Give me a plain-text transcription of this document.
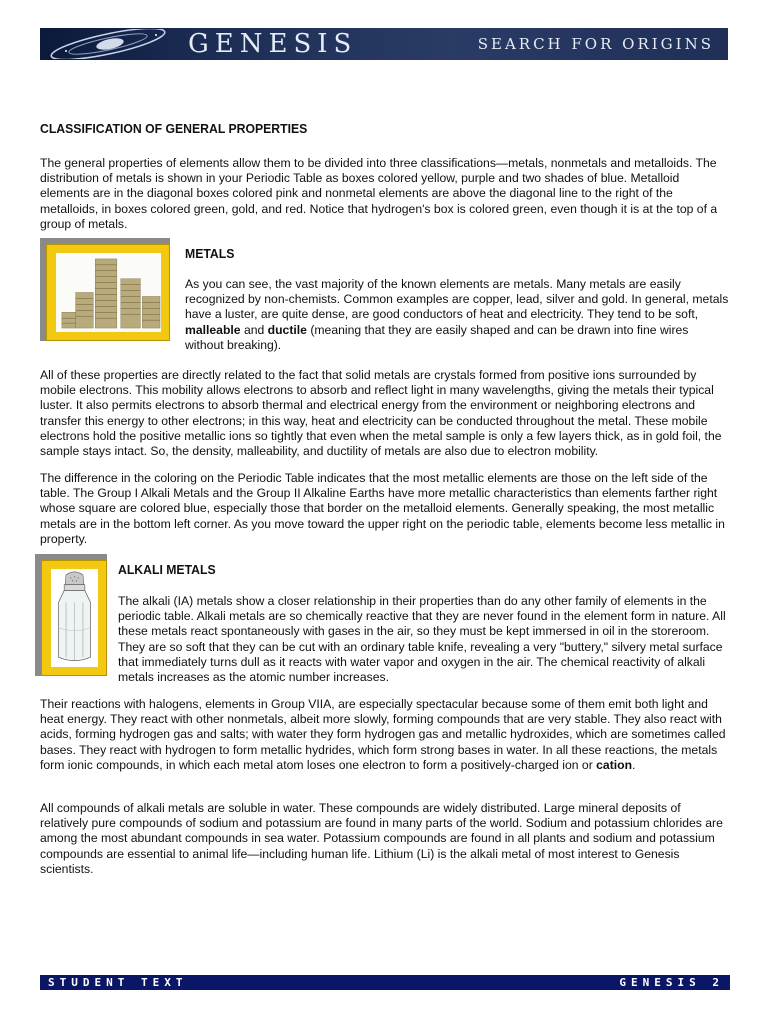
GENESIS	SEARCH FOR ORIGINS
CLASSIFICATION OF GENERAL PROPERTIES

The general properties of elements allow them to be divided into three classifications—metals, nonmetals and metalloids. The distribution of metals is shown in your Periodic Table as boxes colored yellow, purple and two shades of blue. Metalloid elements are in the diagonal boxes colored pink and nonmetal elements are above the diagonal line to the right of the metalloids, in boxes colored green, gold, and red. Notice that hydrogen's box is colored green, even though it is at the top of a group of metals.

METALS

As you can see, the vast majority of the known elements are metals. Many metals are easily recognized by non-chemists. Common examples are copper, lead, silver and gold. In general, metals have a luster, are quite dense, are good conductors of heat and electricity. They tend to be soft, malleable and ductile (meaning that they are easily shaped and can be drawn into fine wires without breaking).

All of these properties are directly related to the fact that solid metals are crystals formed from positive ions surrounded by mobile electrons. This mobility allows electrons to absorb and reflect light in many wavelengths, giving the metals their typical luster. It also permits electrons to absorb thermal and electrical energy from the environment or neighboring electrons and transfer this energy to other electrons; in this way, heat and electricity can be conducted throughout the metal. These mobile electrons hold the positive metallic ions so tightly that even when the metal sample is only a few layers thick, as in gold foil, the sample stays intact. So, the density, malleability, and ductility of metals are also due to electron mobility.

The difference in the coloring on the Periodic Table indicates that the most metallic elements are those on the left side of the table. The Group I Alkali Metals and the Group II Alkaline Earths have more metallic characteristics than elements farther right whose square are colored blue, especially those that border on the metalloid elements. Generally speaking, the most metallic metals are in the bottom left corner. As you move toward the upper right on the periodic table, elements become less metallic in property.

ALKALI METALS

The alkali (IA) metals show a closer relationship in their properties than do any other family of elements in the periodic table. Alkali metals are so chemically reactive that they are never found in the element form in nature. All these metals react spontaneously with gases in the air, so they must be kept immersed in oil in the storeroom. They are so soft that they can be cut with an ordinary table knife, revealing a very "buttery," silvery metal surface that immediately turns dull as it reacts with water vapor and oxygen in the air. The chemical reactivity of alkali metals increases as the atomic number increases.

Their reactions with halogens, elements in Group VIIA, are especially spectacular because some of them emit both light and heat energy. They react with other nonmetals, albeit more slowly, forming compounds that are very stable. They also react with acids, forming hydrogen gas and salts; with water they form hydrogen gas and metallic hydroxides, which are sometimes called bases. They react with hydrogen to form metallic hydrides, which form strong bases in water. In all these reactions, the metals form ionic compounds, in which each metal atom loses one electron to form a positively-charged ion or cation.

All compounds of alkali metals are soluble in water. These compounds are widely distributed. Large mineral deposits of relatively pure compounds of sodium and potassium are found in many parts of the world. Sodium and potassium chlorides are among the most abundant compounds in sea water. Potassium compounds are found in all plants and sodium and potassium compounds are essential to animal life—including human life. Lithium (Li) is the alkali metal of most interest to Genesis scientists.

STUDENT TEXT	GENESIS 2
